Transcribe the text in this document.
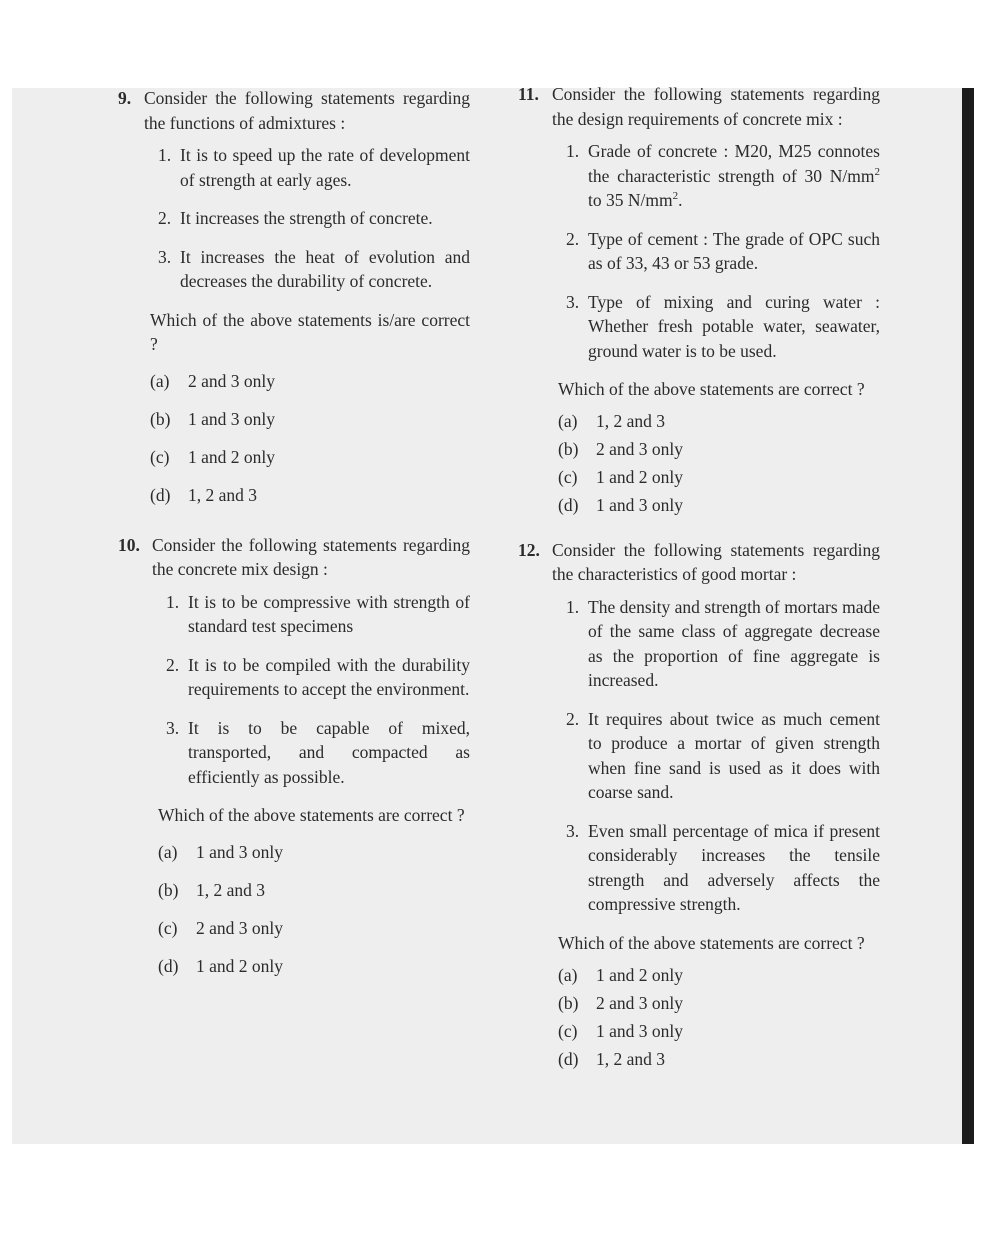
9. Consider the following statements regarding the functions of admixtures :
1. It is to speed up the rate of development of strength at early ages.
2. It increases the strength of concrete.
3. It increases the heat of evolution and decreases the durability of concrete.
Which of the above statements is/are correct ?
(a)	2 and 3 only
(b)	1 and 3 only
(c)	1 and 2 only
(d)	1, 2 and 3
10. Consider the following statements regarding the concrete mix design :
1. It is to be compressive with strength of standard test specimens
2. It is to be compiled with the durability requirements to accept the environment.
3. It is to be capable of mixed, transported, and compacted as efficiently as possible.
Which of the above statements are correct ?
(a)	1 and 3 only
(b)	1, 2 and 3
(c)	2 and 3 only
(d)	1 and 2 only
11. Consider the following statements regarding the design requirements of concrete mix :
1. Grade of concrete : M20, M25 connotes the characteristic strength of 30 $N/mm^2$ to 35 $N/mm^2$.
2. Type of cement : The grade of OPC such as of 33, 43 or 53 grade.
3. Type of mixing and curing water : Whether fresh potable water, seawater, ground water is to be used.
Which of the above statements are correct ?
(a)	1, 2 and 3
(b)	2 and 3 only
(c)	1 and 2 only
(d)	1 and 3 only
12. Consider the following statements regarding the characteristics of good mortar :
1. The density and strength of mortars made of the same class of aggregate decrease as the proportion of fine aggregate is increased.
2. It requires about twice as much cement to produce a mortar of given strength when fine sand is used as it does with coarse sand.
3. Even small percentage of mica if present considerably increases the tensile strength and adversely affects the compressive strength.
Which of the above statements are correct ?
(a)	1 and 2 only
(b)	2 and 3 only
(c)	1 and 3 only
(d)	1, 2 and 3
